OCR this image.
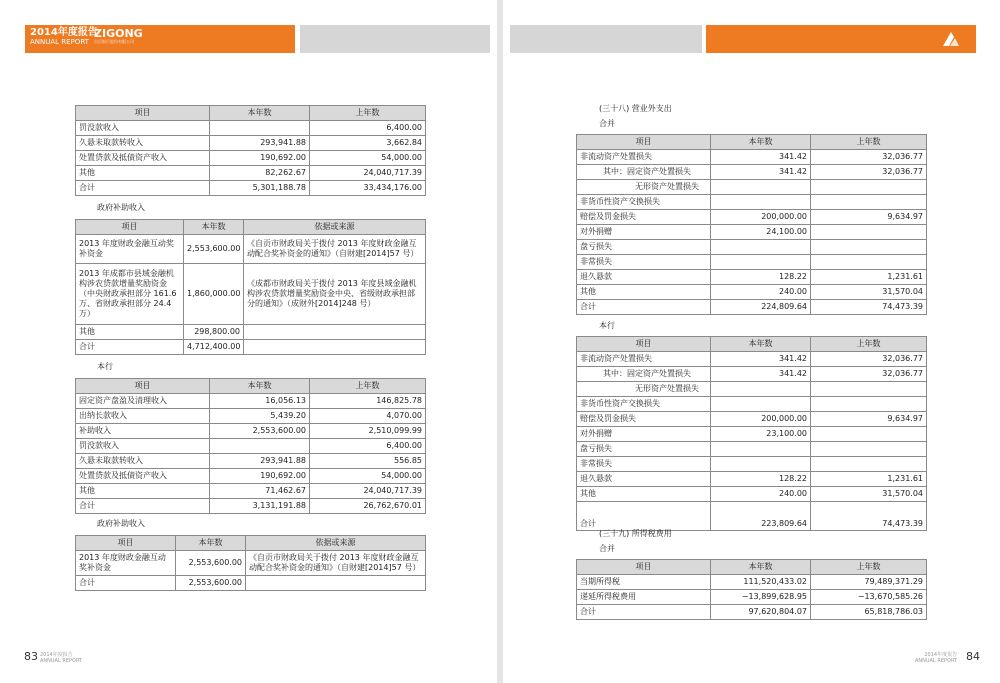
2014年度报告
ANNUAL REPORT
ZIGONG
自贡银行股份有限公司
项目	本年数	上年数
罚没款收入		6,400.00
久悬未取款转收入	293,941.88	3,662.84
处置贷款及抵债资产收入	190,692.00	54,000.00
其他	82,262.67	24,040,717.39
合计	5,301,188.78	33,434,176.00
政府补助收入
项目	本年数	依据或来源
2013 年度财政金融互动奖补资金	2,553,600.00	《自贡市财政局关于拨付 2013 年度财政金融互动配合奖补资金的通知》（自财建[2014]57 号）
2013 年成都市县域金融机构涉农贷款增量奖励资金（中央财政承担部分 161.6 万、省财政承担部分 24.4 万）	1,860,000.00	《成都市财政局关于拨付 2013 年度县域金融机构涉农贷款增量奖励资金中央、省级财政承担部分的通知》（成财外[2014]248 号）
其他	298,800.00	
合计	4,712,400.00	
本行
项目	本年数	上年数
固定资产盘盈及清理收入	16,056.13	146,825.78
出纳长款收入	5,439.20	4,070.00
补助收入	2,553,600.00	2,510,099.99
罚没款收入		6,400.00
久悬未取款转收入	293,941.88	556.85
处置贷款及抵债资产收入	190,692.00	54,000.00
其他	71,462.67	24,040,717.39
合计	3,131,191.88	26,762,670.01
政府补助收入
项目	本年数	依据或来源
2013 年度财政金融互动奖补资金	2,553,600.00	《自贡市财政局关于拨付 2013 年度财政金融互动配合奖补资金的通知》（自财建[2014]57 号）
合计	2,553,600.00	
83 2014年度报告
ANNUAL REPORT
(三十八) 营业外支出
合并
项目	本年数	上年数
非流动资产处置损失	341.42	32,036.77
其中：固定资产处置损失	341.42	32,036.77
无形资产处置损失		
非货币性资产交换损失		
赔偿及罚金损失	200,000.00	9,634.97
对外捐赠	24,100.00	
盘亏损失		
非常损失		
退久悬款	128.22	1,231.61
其他	240.00	31,570.04
合计	224,809.64	74,473.39
本行
项目	本年数	上年数
非流动资产处置损失	341.42	32,036.77
其中：固定资产处置损失	341.42	32,036.77
无形资产处置损失		
非货币性资产交换损失		
赔偿及罚金损失	200,000.00	9,634.97
对外捐赠	23,100.00	
盘亏损失		
非常损失		
退久悬款	128.22	1,231.61
其他	240.00	31,570.04
合计	223,809.64	74,473.39
(三十九) 所得税费用
合并
项目	本年数	上年数
当期所得税	111,520,433.02	79,489,371.29
递延所得税费用	−13,899,628.95	−13,670,585.26
合计	97,620,804.07	65,818,786.03
2014年度报告
ANNUAL REPORT 84
